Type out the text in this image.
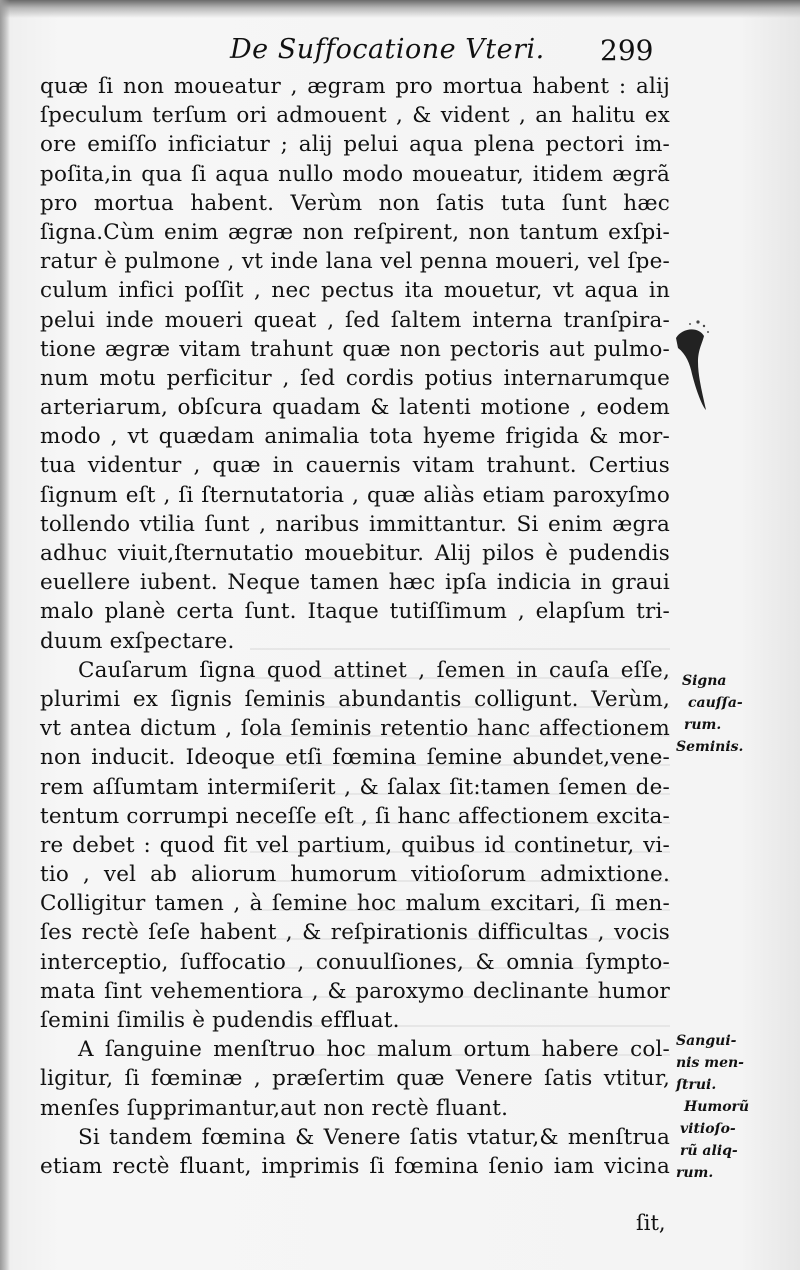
De Suffocatione Vteri. 299
quæ ſi non moueatur , ægram pro mortua habent : alij
ſpeculum terſum ori admouent , & vident , an halitu ex
ore emiſſo inficiatur ; alij pelui aqua plena pectori im-
poſita,in qua ſi aqua nullo modo moueatur, itidem ægrã
pro mortua habent. Verùm non ſatis tuta ſunt hæc
ſigna.Cùm enim ægræ non reſpirent, non tantum exſpi-
ratur è pulmone , vt inde lana vel penna moueri, vel ſpe-
culum infici poſſit , nec pectus ita mouetur, vt aqua in
pelui inde moueri queat , ſed ſaltem interna tranſpira-
tione ægræ vitam trahunt quæ non pectoris aut pulmo-
num motu perficitur , ſed cordis potius internarumque
arteriarum, obſcura quadam & latenti motione , eodem
modo , vt quædam animalia tota hyeme frigida & mor-
tua videntur , quæ in cauernis vitam trahunt. Certius
ſignum eſt , ſi ſternutatoria , quæ aliàs etiam paroxyſmo
tollendo vtilia ſunt , naribus immittantur. Si enim ægra
adhuc viuit,ſternutatio mouebitur. Alij pilos è pudendis
euellere iubent. Neque tamen hæc ipſa indicia in graui
malo planè certa ſunt. Itaque tutiſſimum , elapſum tri-
duum exſpectare.
Cauſarum ſigna quod attinet , ſemen in cauſa eſſe,
plurimi ex ſignis ſeminis abundantis colligunt. Verùm,
vt antea dictum , ſola ſeminis retentio hanc affectionem
non inducit. Ideoque etſi fœmina ſemine abundet,vene-
rem aſſumtam intermiſerit , & ſalax ſit:tamen ſemen de-
tentum corrumpi neceſſe eſt , ſi hanc affectionem excita-
re debet : quod fit vel partium, quibus id continetur, vi-
tio , vel ab aliorum humorum vitioſorum admixtione.
Colligitur tamen , à ſemine hoc malum excitari, ſi men-
ſes rectè ſeſe habent , & reſpirationis difficultas , vocis
interceptio, ſuffocatio , conuulſiones, & omnia ſympto-
mata ſint vehementiora , & paroxymo declinante humor
ſemini ſimilis è pudendis effluat.
A ſanguine menſtruo hoc malum ortum habere col-
ligitur, ſi fœminæ , præſertim quæ Venere ſatis vtitur,
menſes ſupprimantur,aut non rectè fluant.
Si tandem fœmina & Venere ſatis vtatur,& menſtrua
etiam rectè fluant, imprimis ſi fœmina ſenio iam vicina
Signa
cauſſa-
rum.
Seminis.
Sangui-
nis men-
ſtrui.
Humorũ
vitioſo-
rũ aliq-
rum.
ſit,
